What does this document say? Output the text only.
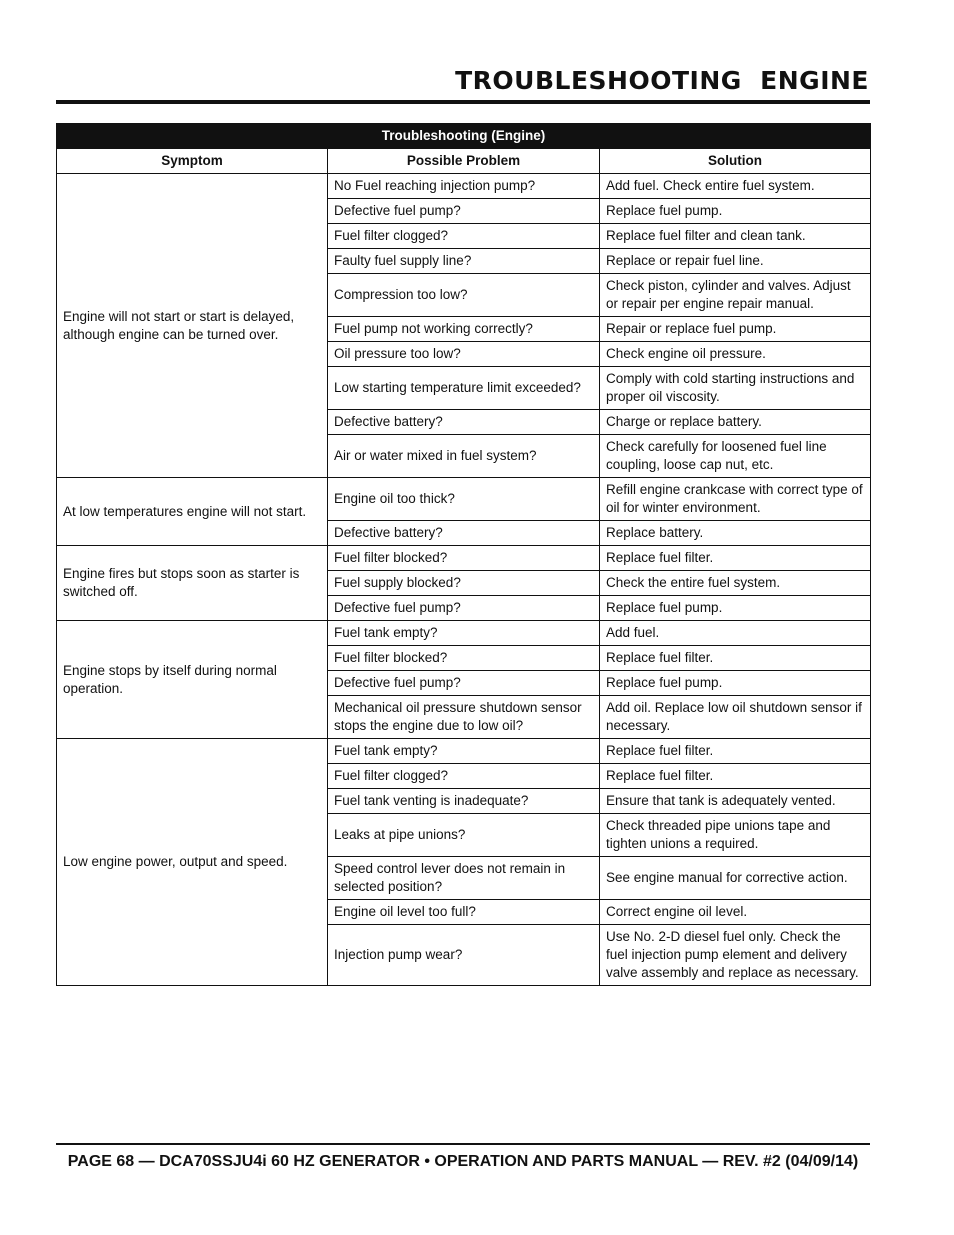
TROUBLESHOOTING  ENGINE
Troubleshooting (Engine)		
Symptom	Possible Problem	Solution
Engine will not start or start is delayed, although engine can be turned over.	No Fuel reaching injection pump?	Add fuel. Check entire fuel system.
	Defective fuel pump?	Replace fuel pump.
	Fuel filter clogged?	Replace fuel filter and clean tank.
	Faulty fuel supply line?	Replace or repair fuel line.
	Compression too low?	Check piston, cylinder and valves. Adjust or repair per engine repair manual.
	Fuel pump not working correctly?	Repair or replace fuel pump.
	Oil pressure too low?	Check engine oil pressure.
	Low starting temperature limit exceeded?	Comply with cold starting instructions and proper oil viscosity.
	Defective battery?	Charge or replace battery.
	Air or water mixed in fuel system?	Check carefully for loosened fuel line coupling, loose cap nut, etc.
At low temperatures engine will not start.	Engine oil too thick?	Refill engine crankcase with correct type of oil for winter environment.
	Defective battery?	Replace battery.
Engine fires but stops soon as starter is switched off.	Fuel filter blocked?	Replace fuel filter.
	Fuel supply blocked?	Check the entire fuel system.
	Defective fuel pump?	Replace fuel pump.
Engine stops by itself during normal operation.	Fuel tank empty?	Add fuel.
	Fuel filter blocked?	Replace fuel filter.
	Defective fuel pump?	Replace fuel pump.
	Mechanical oil pressure shutdown sensor stops the engine due to low oil?	Add oil. Replace low oil shutdown sensor if necessary.
Low engine power, output and speed.	Fuel tank empty?	Replace fuel filter.
	Fuel filter clogged?	Replace fuel filter.
	Fuel tank venting is inadequate?	Ensure that tank is adequately vented.
	Leaks at pipe unions?	Check threaded pipe unions tape and tighten unions a required.
	Speed control lever does not remain in selected position?	See engine manual for corrective action.
	Engine oil level too full?	Correct engine oil level.
	Injection pump wear?	Use No. 2-D diesel fuel only. Check the fuel injection pump element and delivery valve assembly and replace as necessary.
PAGE 68 — DCA70SSJU4i 60 HZ GENERATOR • OPERATION AND PARTS MANUAL — REV. #2 (04/09/14)
